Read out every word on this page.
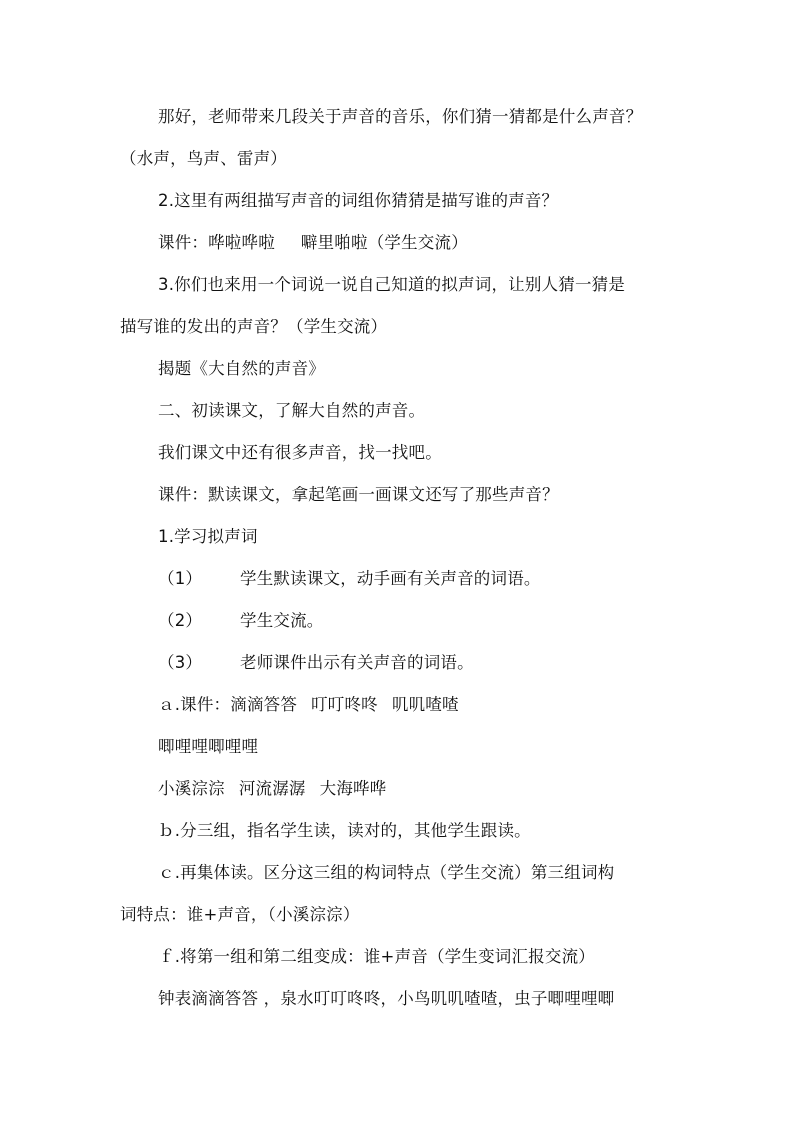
那好，老师带来几段关于声音的音乐，你们猜一猜都是什么声音？
（水声，鸟声、雷声）
2.这里有两组描写声音的词组你猜猜是描写谁的声音？
课件：哗啦哗啦 噼里啪啦（学生交流）
3.你们也来用一个词说一说自己知道的拟声词，让别人猜一猜是
描写谁的发出的声音？（学生交流）
揭题《大自然的声音》
二、初读课文，了解大自然的声音。
我们课文中还有很多声音，找一找吧。
课件：默读课文，拿起笔画一画课文还写了那些声音？
1.学习拟声词
（1） 学生默读课文，动手画有关声音的词语。
（2） 学生交流。
（3） 老师课件出示有关声音的词语。
ａ.课件：滴滴答答 叮叮咚咚 叽叽喳喳
唧哩哩唧哩哩
小溪淙淙 河流潺潺 大海哗哗
ｂ.分三组，指名学生读，读对的，其他学生跟读。
ｃ.再集体读。区分这三组的构词特点（学生交流）第三组词构
词特点：谁+声音，（小溪淙淙）
ｆ.将第一组和第二组变成：谁+声音（学生变词汇报交流）
钟表滴滴答答 ，泉水叮叮咚咚，小鸟叽叽喳喳，虫子唧哩哩唧
